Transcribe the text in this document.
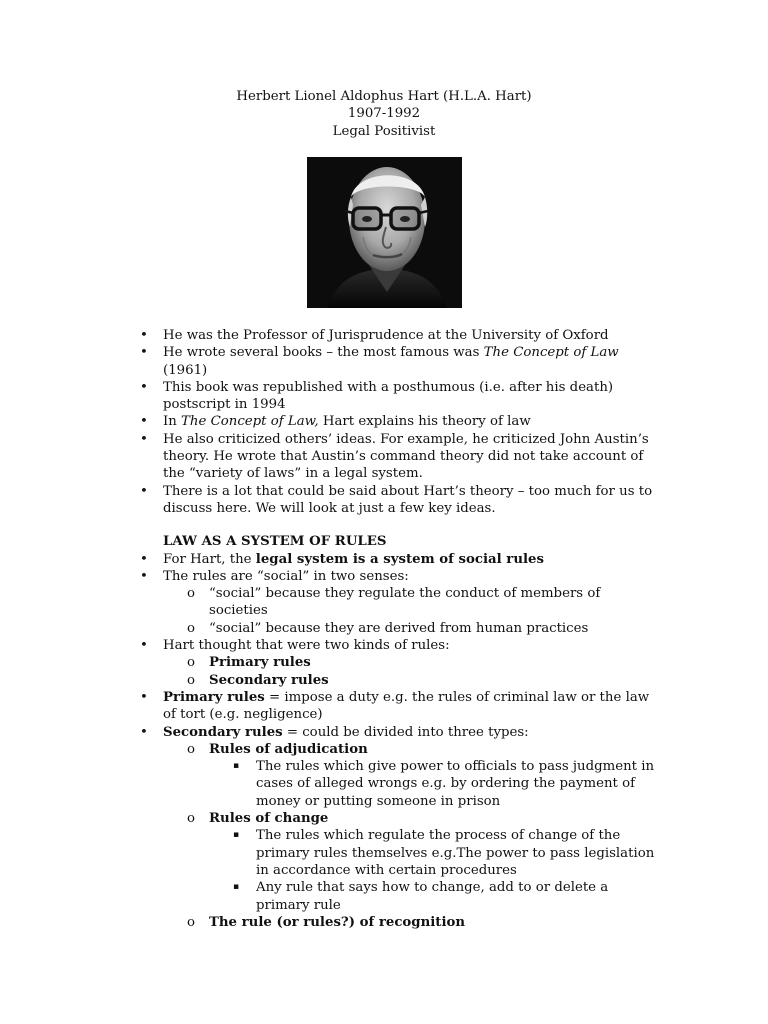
Herbert Lionel Aldophus Hart (H.L.A. Hart)
1907-1992
Legal Positivist
• He was the Professor of Jurisprudence at the University of Oxford
• He wrote several books – the most famous was The Concept of Law (1961)
• This book was republished with a posthumous (i.e. after his death) postscript in 1994
• In The Concept of Law, Hart explains his theory of law
• He also criticized others’ ideas. For example, he criticized John Austin’s theory. He wrote that Austin’s command theory did not take account of the “variety of laws” in a legal system.
• There is a lot that could be said about Hart’s theory – too much for us to discuss here. We will look at just a few key ideas.
LAW AS A SYSTEM OF RULES
• For Hart, the legal system is a system of social rules
• The rules are “social” in two senses:
o “social” because they regulate the conduct of members of societies
o “social” because they are derived from human practices
• Hart thought that were two kinds of rules:
o Primary rules
o Secondary rules
• Primary rules = impose a duty e.g. the rules of criminal law or the law of tort (e.g. negligence)
• Secondary rules = could be divided into three types:
o Rules of adjudication
▪ The rules which give power to officials to pass judgment in cases of alleged wrongs e.g. by ordering the payment of money or putting someone in prison
o Rules of change
▪ The rules which regulate the process of change of the primary rules themselves e.g.The power to pass legislation in accordance with certain procedures
▪ Any rule that says how to change, add to or delete a primary rule
o The rule (or rules?) of recognition
